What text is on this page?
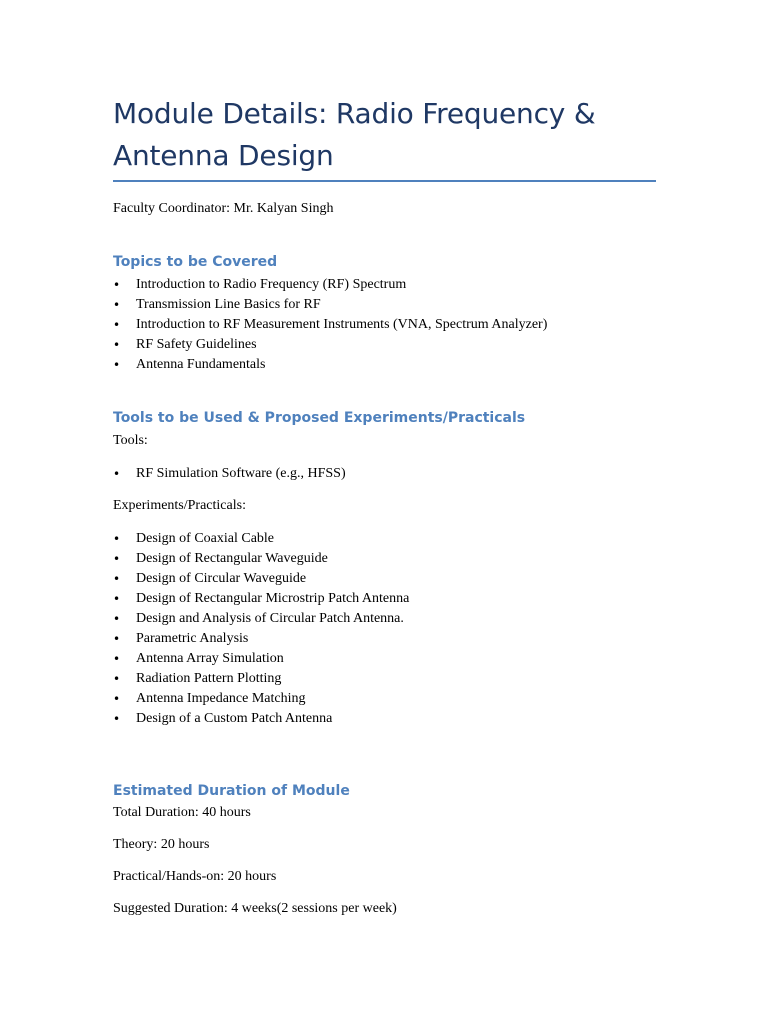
Module Details: Radio Frequency & Antenna Design

Faculty Coordinator: Mr. Kalyan Singh

Topics to be Covered
• Introduction to Radio Frequency (RF) Spectrum
• Transmission Line Basics for RF
• Introduction to RF Measurement Instruments (VNA, Spectrum Analyzer)
• RF Safety Guidelines
• Antenna Fundamentals
Tools to be Used & Proposed Experiments/Practicals

Tools:

• RF Simulation Software (e.g., HFSS)

Experiments/Practicals:

• Design of Coaxial Cable
• Design of Rectangular Waveguide
• Design of Circular Waveguide
• Design of Rectangular Microstrip Patch Antenna
• Design and Analysis of Circular Patch Antenna.
• Parametric Analysis
• Antenna Array Simulation
• Radiation Pattern Plotting
• Antenna Impedance Matching
• Design of a Custom Patch Antenna
Estimated Duration of Module

Total Duration: 40 hours

Theory: 20 hours

Practical/Hands-on: 20 hours

Suggested Duration: 4 weeks(2 sessions per week)
